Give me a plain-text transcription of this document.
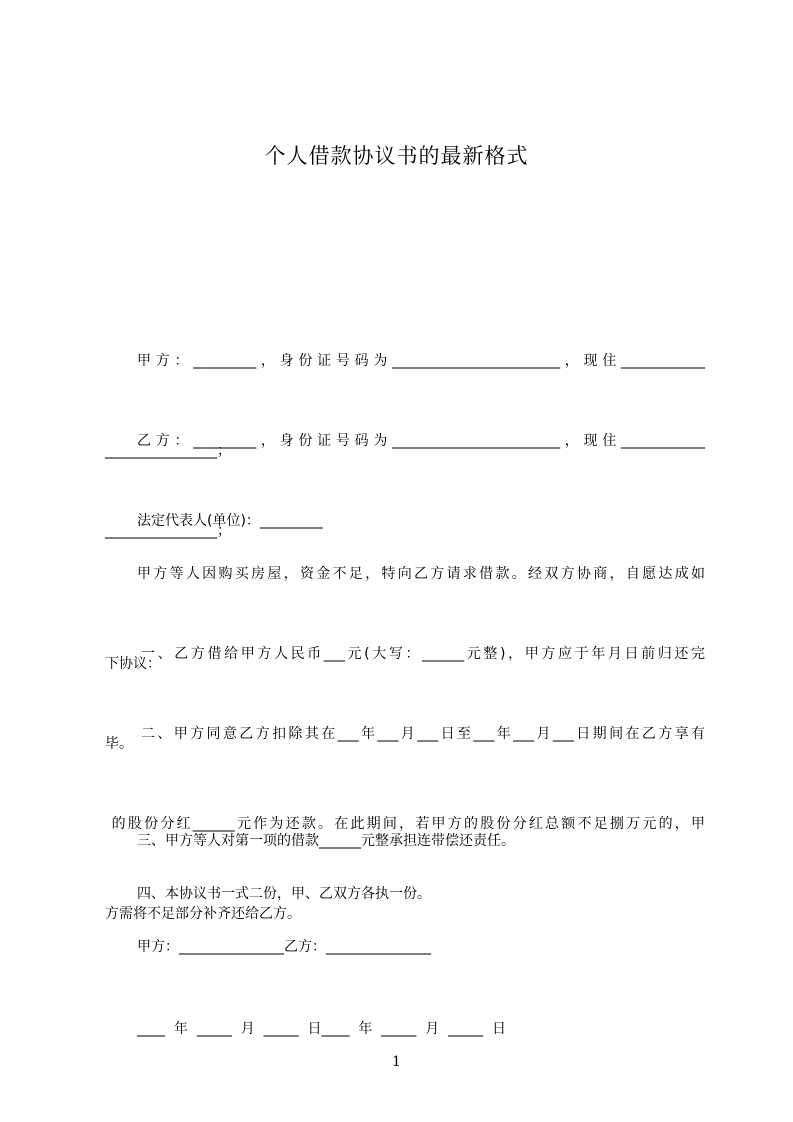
个人借款协议书的最新格式

甲方：_________，身份证号码为________________________，现住____________

________________；

乙方：_________，身份证号码为________________________，现住____________

________________；

法定代表人(单位)：_________

甲方等人因购买房屋，资金不足，特向乙方请求借款。经双方协商，自愿达成如

下协议：

一、乙方借给甲方人民币___元(大写：______元整)，甲方应于年月日前归还完

毕。

二、甲方同意乙方扣除其在___年___月___日至___年___月___日期间在乙方享有

的股份分红______元作为还款。在此期间，若甲方的股份分红总额不足捌万元的，甲

方需将不足部分补齐还给乙方。

三、甲方等人对第一项的借款______元整承担连带偿还责任。

四、本协议书一式二份，甲、乙双方各执一份。

甲方：_______________乙方：_______________

____  年  _____  月  _____  日____  年  _____  月  _____  日

1
